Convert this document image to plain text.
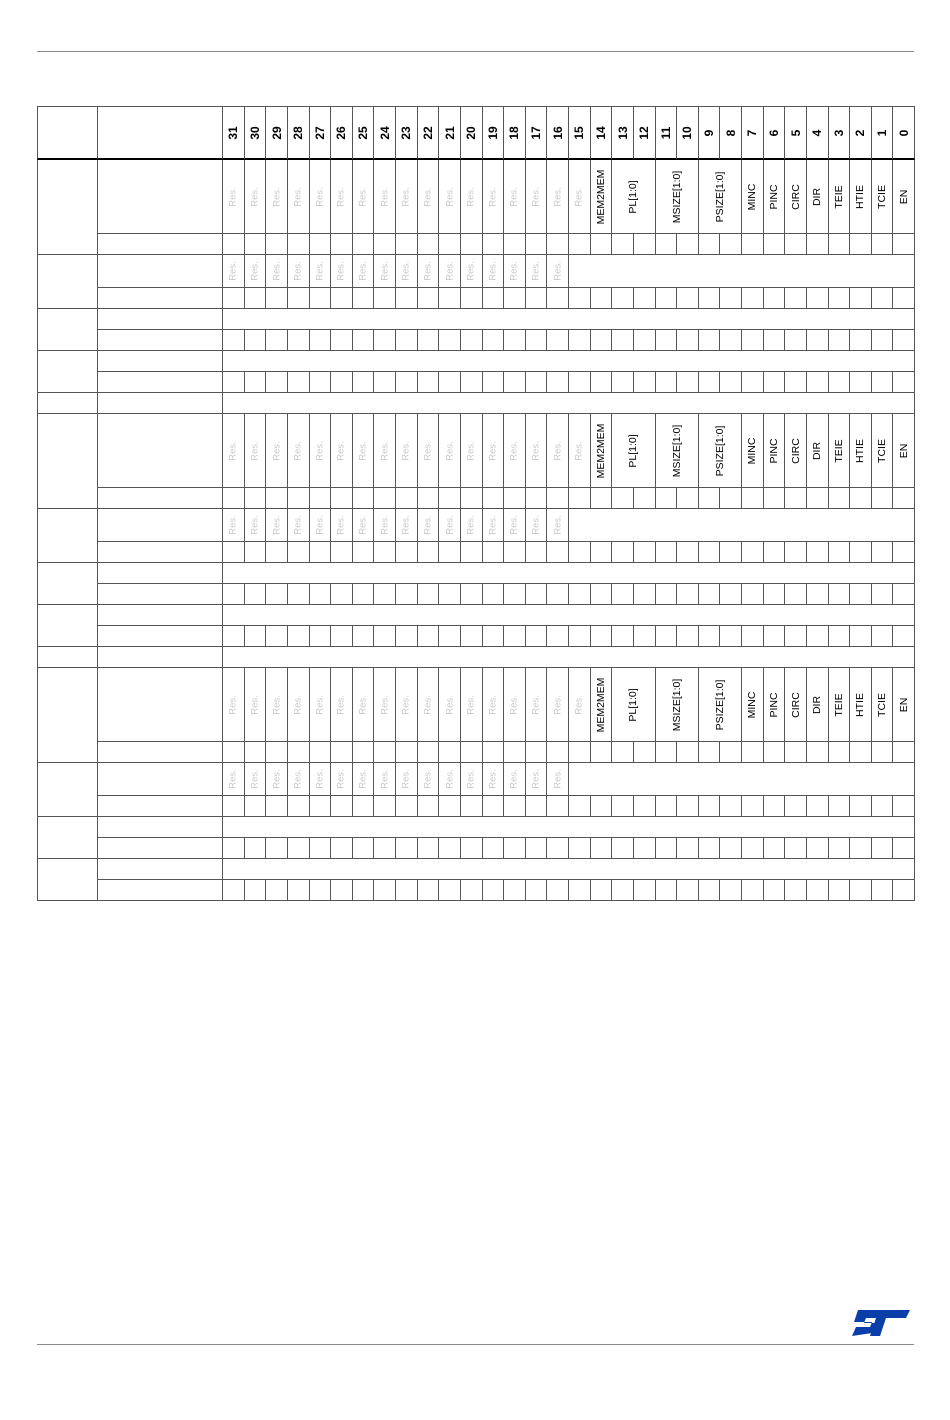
31 30 29 28 27 26 25 24 23 22 21 20 19 18 17 16 15 14 13 12 11 10 9 8 7 6 5 4 3 2 1 0
Res. Res. Res. Res. Res. Res. Res. Res. Res. Res. Res. Res. Res. Res. Res. Res. Res. MEM2MEM PL[1:0]	MSIZE[1:0]	PSIZE[1:0] MINC PINC CIRC DIR TEIE HTIE TCIE EN
Res. Res. Res. Res. Res. Res. Res. Res. Res. Res. Res. Res. Res. Res. Res. Res.
Res. Res. Res. Res. Res. Res. Res. Res. Res. Res. Res. Res. Res. Res. Res. Res. Res. MEM2MEM PL[1:0]	MSIZE[1:0]	PSIZE[1:0] MINC PINC CIRC DIR TEIE HTIE TCIE EN
Res. Res. Res. Res. Res. Res. Res. Res. Res. Res. Res. Res. Res. Res. Res. Res.
Res. Res. Res. Res. Res. Res. Res. Res. Res. Res. Res. Res. Res. Res. Res. Res. Res. MEM2MEM PL[1:0]	MSIZE[1:0]	PSIZE[1:0] MINC PINC CIRC DIR TEIE HTIE TCIE EN
Res. Res. Res. Res. Res. Res. Res. Res. Res. Res. Res. Res. Res. Res. Res. Res.
